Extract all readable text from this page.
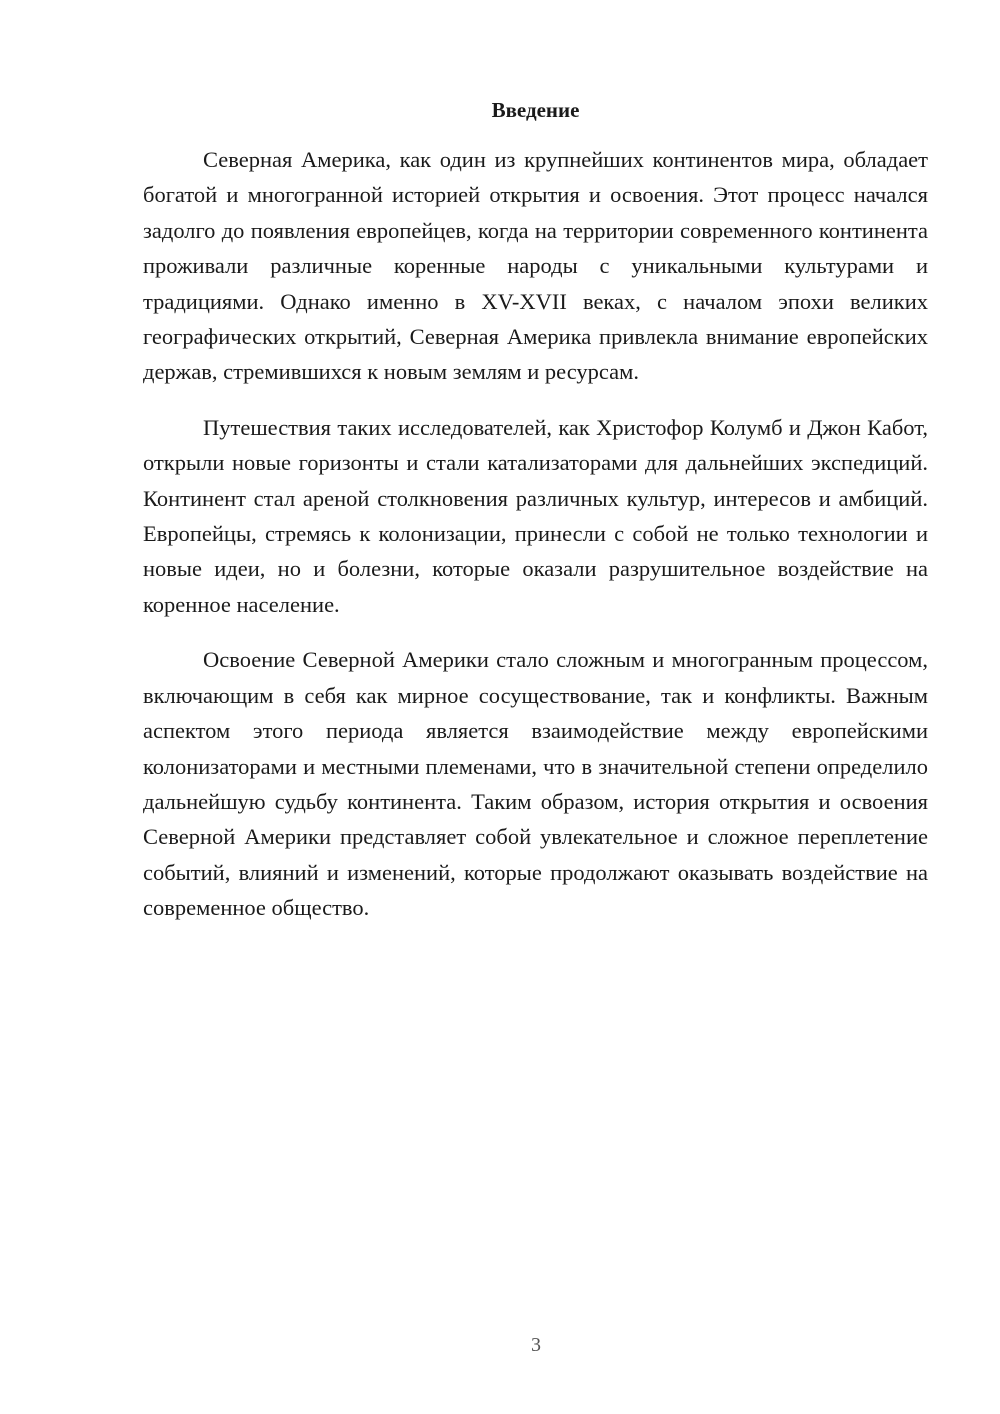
Введение

Северная Америка, как один из крупнейших континентов мира, обладает богатой и многогранной историей открытия и освоения. Этот процесс начался задолго до появления европейцев, когда на территории современного континента проживали различные коренные народы с уникальными культурами и традициями. Однако именно в XV-XVII веках, с началом эпохи великих географических открытий, Северная Америка привлекла внимание европейских держав, стремившихся к новым землям и ресурсам.

Путешествия таких исследователей, как Христофор Колумб и Джон Кабот, открыли новые горизонты и стали катализаторами для дальнейших экспедиций. Континент стал ареной столкновения различных культур, интересов и амбиций. Европейцы, стремясь к колонизации, принесли с собой не только технологии и новые идеи, но и болезни, которые оказали разрушительное воздействие на коренное население.

Освоение Северной Америки стало сложным и многогранным процессом, включающим в себя как мирное сосуществование, так и конфликты. Важным аспектом этого периода является взаимодействие между европейскими колонизаторами и местными племенами, что в значительной степени определило дальнейшую судьбу континента. Таким образом, история открытия и освоения Северной Америки представляет собой увлекательное и сложное переплетение событий, влияний и изменений, которые продолжают оказывать воздействие на современное общество.

3
